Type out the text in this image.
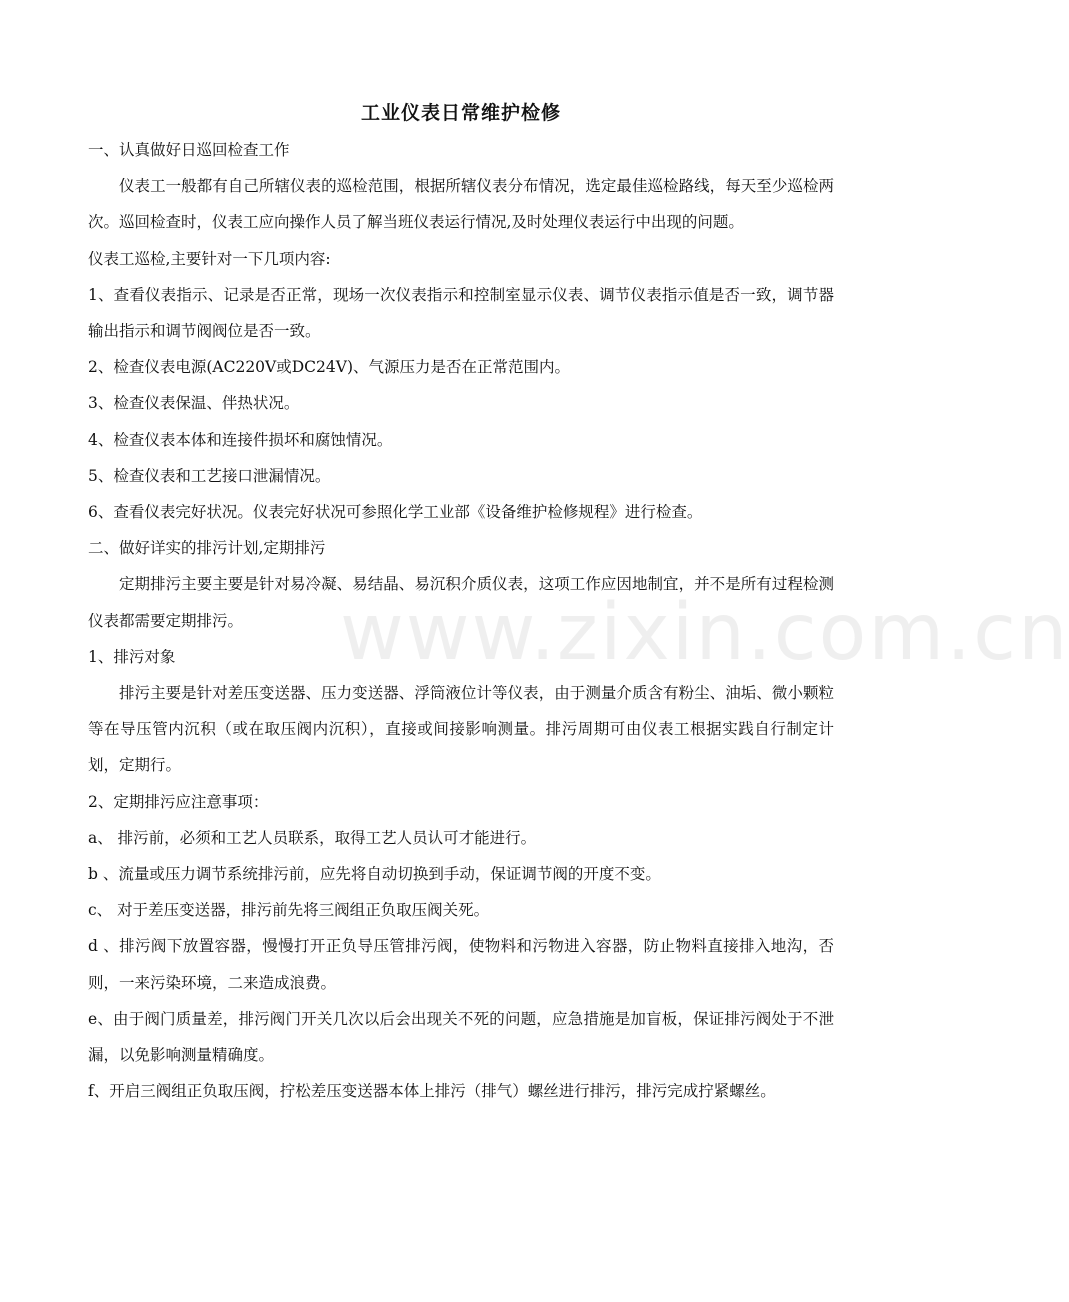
www.zixin.com.cn
工业仪表日常维护检修

一、认真做好日巡回检查工作

仪表工一般都有自己所辖仪表的巡检范围，根据所辖仪表分布情况，选定最佳巡检路线，每天至少巡检两次。巡回检查时，仪表工应向操作人员了解当班仪表运行情况,及时处理仪表运行中出现的问题。

仪表工巡检,主要针对一下几项内容:

1、查看仪表指示、记录是否正常，现场一次仪表指示和控制室显示仪表、调节仪表指示值是否一致，调节器输出指示和调节阀阀位是否一致。

2、检查仪表电源(AC220V或DC24V)、气源压力是否在正常范围内。

3、检查仪表保温、伴热状况。

4、检查仪表本体和连接件损坏和腐蚀情况。

5、检查仪表和工艺接口泄漏情况。

6、查看仪表完好状况。仪表完好状况可参照化学工业部《设备维护检修规程》进行检查。

二、做好详实的排污计划,定期排污

定期排污主要主要是针对易冷凝、易结晶、易沉积介质仪表，这项工作应因地制宜，并不是所有过程检测仪表都需要定期排污。

1、排污对象

排污主要是针对差压变送器、压力变送器、浮筒液位计等仪表，由于测量介质含有粉尘、油垢、微小颗粒等在导压管内沉积（或在取压阀内沉积），直接或间接影响测量。排污周期可由仪表工根据实践自行制定计划，定期行。

2、定期排污应注意事项：

a、 排污前，必须和工艺人员联系，取得工艺人员认可才能进行。

b 、流量或压力调节系统排污前，应先将自动切换到手动，保证调节阀的开度不变。

c、 对于差压变送器，排污前先将三阀组正负取压阀关死。

d 、排污阀下放置容器，慢慢打开正负导压管排污阀，使物料和污物进入容器，防止物料直接排入地沟，否则，一来污染环境，二来造成浪费。

e、由于阀门质量差，排污阀门开关几次以后会出现关不死的问题，应急措施是加盲板，保证排污阀处于不泄漏，以免影响测量精确度。

f、开启三阀组正负取压阀，拧松差压变送器本体上排污（排气）螺丝进行排污，排污完成拧紧螺丝。
